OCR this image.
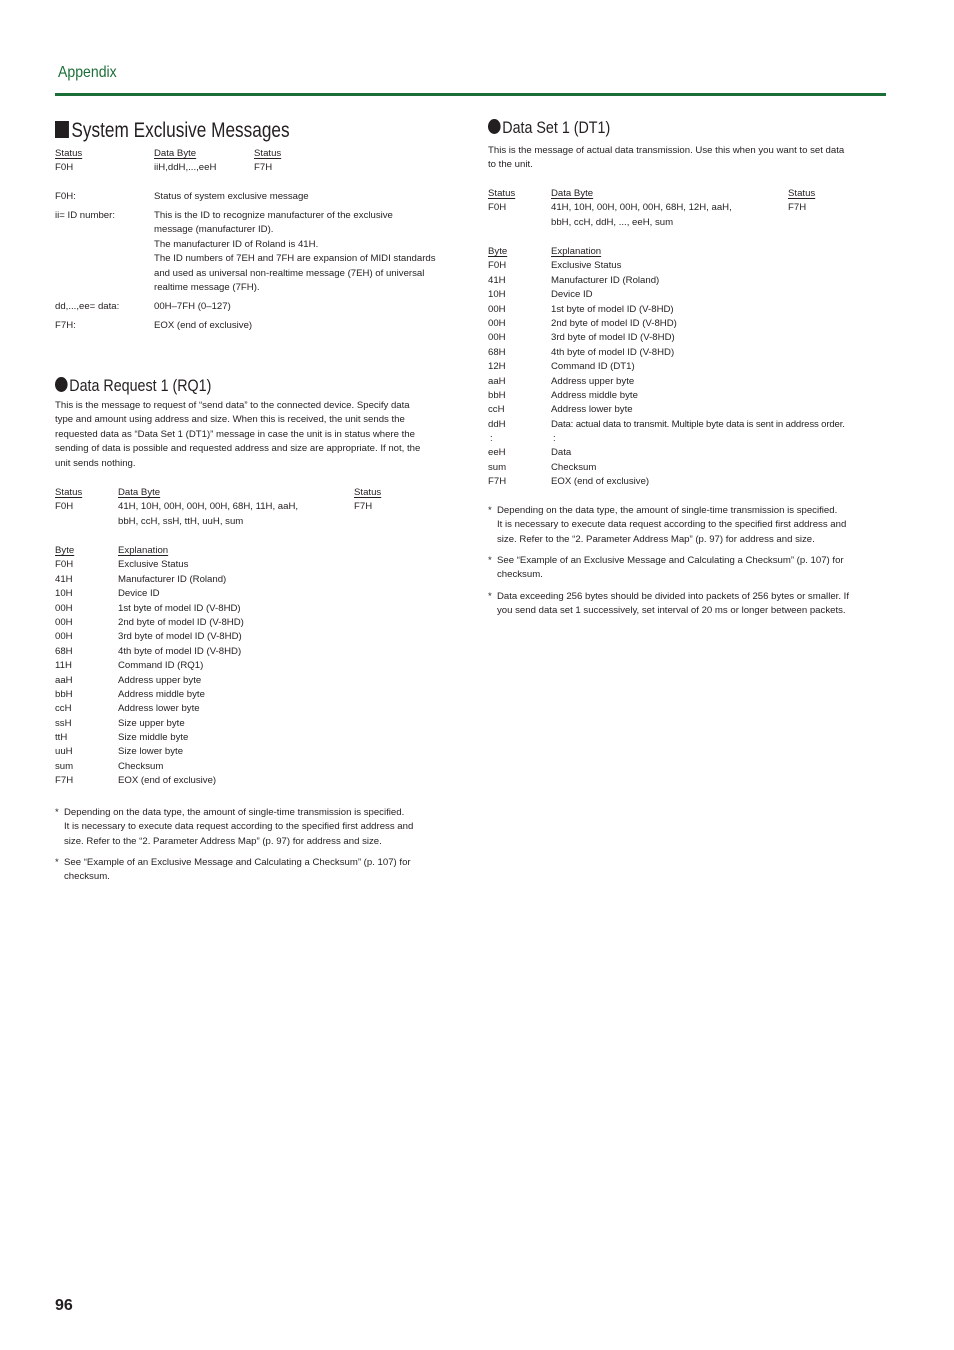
Appendix
System Exclusive Messages
Status	Data Byte	Status
F0H	iiH,ddH,...,eeH	F7H
F0H:	Status of system exclusive message
ii= ID number:	This is the ID to recognize manufacturer of the exclusive
message (manufacturer ID).
The manufacturer ID of Roland is 41H.
The ID numbers of 7EH and 7FH are expansion of MIDI standards
and used as universal non-realtime message (7EH) of universal
realtime message (7FH).
dd,...,ee= data:	00H–7FH (0–127)
F7H:	EOX (end of exclusive)
Data Request 1 (RQ1)
This is the message to request of “send data” to the connected device. Specify data
type and amount using address and size. When this is received, the unit sends the
requested data as “Data Set 1 (DT1)” message in case the unit is in status where the
sending of data is possible and requested address and size are appropriate. If not, the
unit sends nothing.
Status	Data Byte	Status
F0H	41H, 10H, 00H, 00H, 00H, 68H, 11H, aaH,	F7H
bbH, ccH, ssH, ttH, uuH, sum
Byte	Explanation
F0H	Exclusive Status
41H	Manufacturer ID (Roland)
10H	Device ID
00H	1st byte of model ID (V-8HD)
00H	2nd byte of model ID (V-8HD)
00H	3rd byte of model ID (V-8HD)
68H	4th byte of model ID (V-8HD)
11H	Command ID (RQ1)
aaH	Address upper byte
bbH	Address middle byte
ccH	Address lower byte
ssH	Size upper byte
ttH	Size middle byte
uuH	Size lower byte
sum	Checksum
F7H	EOX (end of exclusive)
* Depending on the data type, the amount of single-time transmission is specified.
It is necessary to execute data request according to the specified first address and
size. Refer to the “2. Parameter Address Map” (p. 97) for address and size.
* See “Example of an Exclusive Message and Calculating a Checksum” (p. 107) for
checksum.
Data Set 1 (DT1)
This is the message of actual data transmission. Use this when you want to set data
to the unit.
Status	Data Byte	Status
F0H	41H, 10H, 00H, 00H, 00H, 68H, 12H, aaH,	F7H
bbH, ccH, ddH, ..., eeH, sum
Byte	Explanation
F0H	Exclusive Status
41H	Manufacturer ID (Roland)
10H	Device ID
00H	1st byte of model ID (V-8HD)
00H	2nd byte of model ID (V-8HD)
00H	3rd byte of model ID (V-8HD)
68H	4th byte of model ID (V-8HD)
12H	Command ID (DT1)
aaH	Address upper byte
bbH	Address middle byte
ccH	Address lower byte
ddH	Data: actual data to transmit. Multiple byte data is sent in address order.
:	:
eeH	Data
sum	Checksum
F7H	EOX (end of exclusive)
* Depending on the data type, the amount of single-time transmission is specified.
It is necessary to execute data request according to the specified first address and
size. Refer to the “2. Parameter Address Map” (p. 97) for address and size.
* See “Example of an Exclusive Message and Calculating a Checksum” (p. 107) for
checksum.
* Data exceeding 256 bytes should be divided into packets of 256 bytes or smaller. If
you send data set 1 successively, set interval of 20 ms or longer between packets.
96
